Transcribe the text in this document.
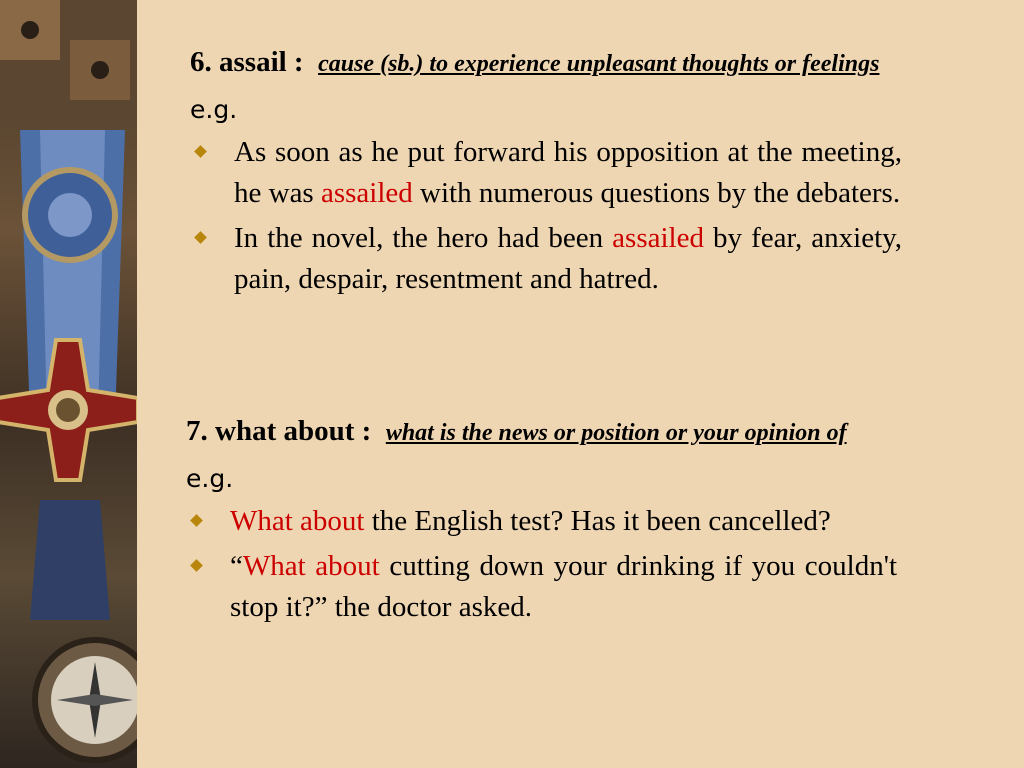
6. assail : cause (sb.) to experience unpleasant thoughts or feelings
e.g.
As soon as he put forward his opposition at the meeting, he was assailed with numerous questions by the debaters.
In the novel, the hero had been assailed by fear, anxiety, pain, despair, resentment and hatred.
7. what about : what is the news or position or your opinion of
e.g.
What about the English test? Has it been cancelled?
“What about cutting down your drinking if you couldn't stop it?” the doctor asked.
